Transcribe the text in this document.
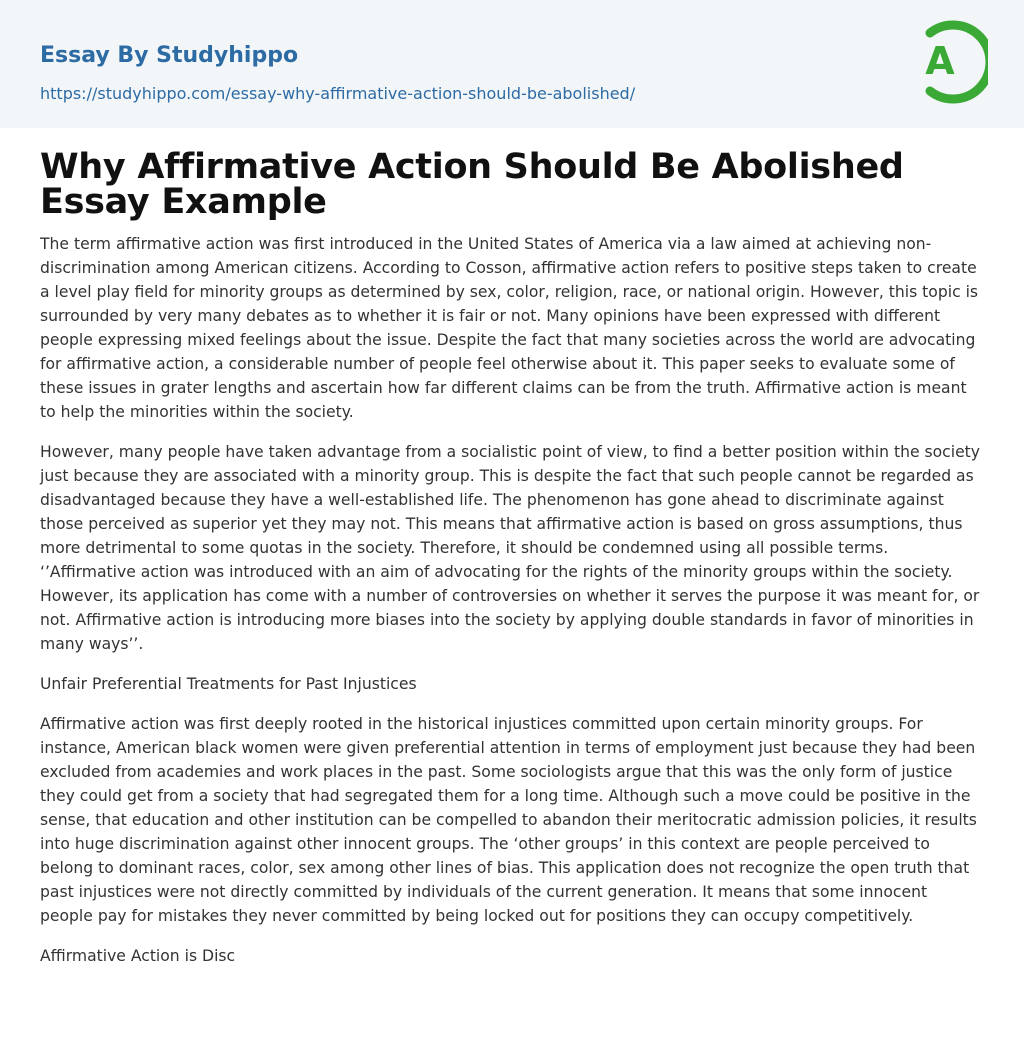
Essay By Studyhippo
https://studyhippo.com/essay-why-affirmative-action-should-be-abolished/
A
Why Affirmative Action Should Be Abolished Essay Example

The term affirmative action was first introduced in the United States of America via a law aimed at achieving non-discrimination among American citizens. According to Cosson, affirmative action refers to positive steps taken to create a level play field for minority groups as determined by sex, color, religion, race, or national origin. However, this topic is surrounded by very many debates as to whether it is fair or not. Many opinions have been expressed with different people expressing mixed feelings about the issue. Despite the fact that many societies across the world are advocating for affirmative action, a considerable number of people feel otherwise about it. This paper seeks to evaluate some of these issues in grater lengths and ascertain how far different claims can be from the truth. Affirmative action is meant to help the minorities within the society.

However, many people have taken advantage from a socialistic point of view, to find a better position within the society just because they are associated with a minority group. This is despite the fact that such people cannot be regarded as disadvantaged because they have a well-established life. The phenomenon has gone ahead to discriminate against those perceived as superior yet they may not. This means that affirmative action is based on gross assumptions, thus more detrimental to some quotas in the society. Therefore, it should be condemned using all possible terms. ‘’Affirmative action was introduced with an aim of advocating for the rights of the minority groups within the society. However, its application has come with a number of controversies on whether it serves the purpose it was meant for, or not. Affirmative action is introducing more biases into the society by applying double standards in favor of minorities in many ways’’.

Unfair Preferential Treatments for Past Injustices

Affirmative action was first deeply rooted in the historical injustices committed upon certain minority groups. For instance, American black women were given preferential attention in terms of employment just because they had been excluded from academies and work places in the past. Some sociologists argue that this was the only form of justice they could get from a society that had segregated them for a long time. Although such a move could be positive in the sense, that education and other institution can be compelled to abandon their meritocratic admission policies, it results into huge discrimination against other innocent groups. The ‘other groups’ in this context are people perceived to belong to dominant races, color, sex among other lines of bias. This application does not recognize the open truth that past injustices were not directly committed by individuals of the current generation. It means that some innocent people pay for mistakes they never committed by being locked out for positions they can occupy competitively.

Affirmative Action is Disc
